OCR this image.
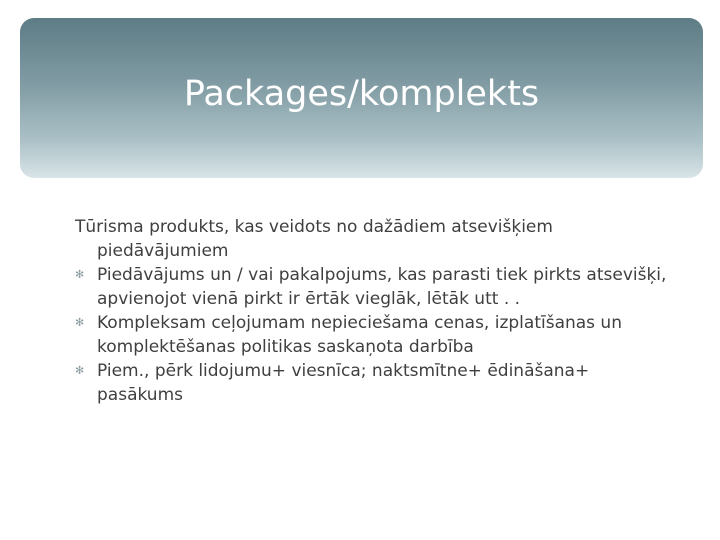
Packages/komplekts

Tūrisma produkts, kas veidots no dažādiem atsevišķiem piedāvājumiem

✻ Piedāvājums un / vai pakalpojums, kas parasti tiek pirkts atsevišķi, apvienojot vienā pirkt ir ērtāk vieglāk, lētāk utt . .
✻ Kompleksam ceļojumam nepieciešama cenas, izplatīšanas un komplektēšanas politikas saskaņota darbība
✻ Piem., pērk lidojumu+ viesnīca; naktsmītne+ ēdināšana+ pasākums
